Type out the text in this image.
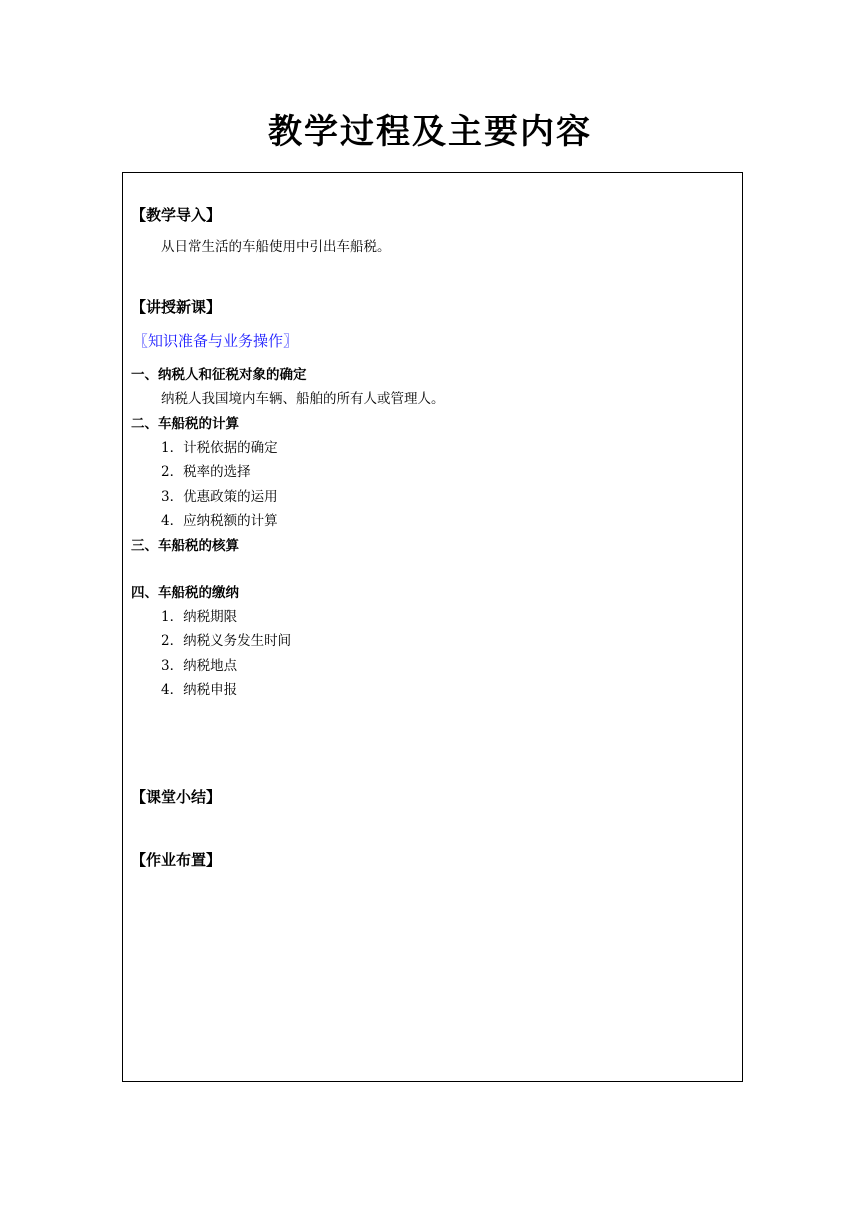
教学过程及主要内容
【教学导入】
从日常生活的车船使用中引出车船税。
【讲授新课】
〖知识准备与业务操作〗
一、纳税人和征税对象的确定
纳税人我国境内车辆、船舶的所有人或管理人。
二、车船税的计算
1．计税依据的确定
2．税率的选择
3．优惠政策的运用
4．应纳税额的计算
三、车船税的核算
四、车船税的缴纳
1．纳税期限
2．纳税义务发生时间
3．纳税地点
4．纳税申报
【课堂小结】
【作业布置】
